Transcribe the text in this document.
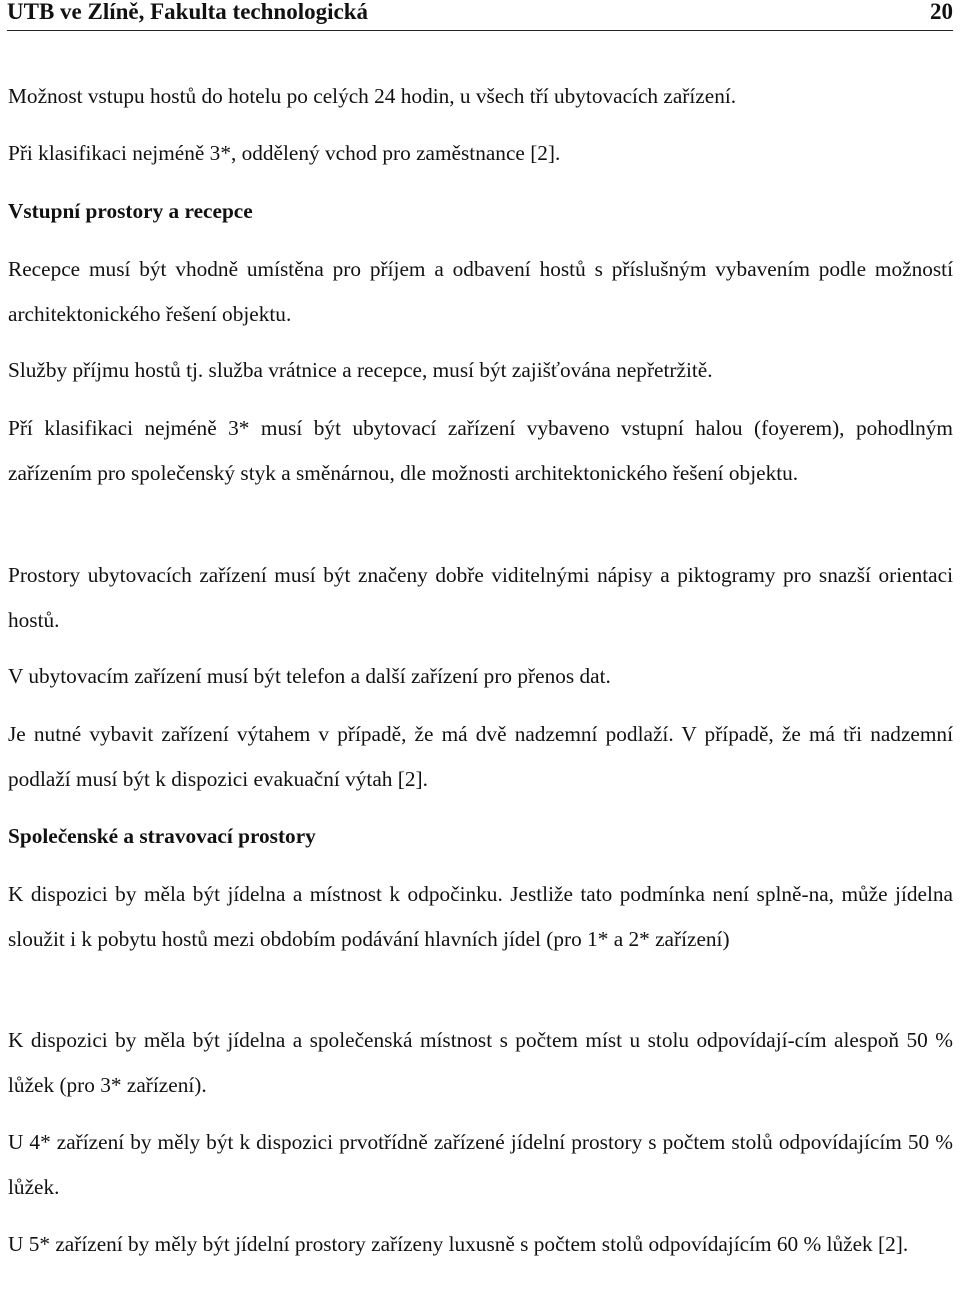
UTB ve Zlíně, Fakulta technologická	20

Možnost vstupu hostů do hotelu po celých 24 hodin, u všech tří ubytovacích zařízení.

Při klasifikaci nejméně 3*, oddělený vchod pro zaměstnance [2].

Vstupní prostory a recepce

Recepce musí být vhodně umístěna pro příjem a odbavení hostů s příslušným vybavením podle možností architektonického řešení objektu.

Služby příjmu hostů tj. služba vrátnice a recepce, musí být zajišťována nepřetržitě.

Pří klasifikaci nejméně 3* musí být ubytovací zařízení vybaveno vstupní halou (foyerem), pohodlným zařízením pro společenský styk a směnárnou, dle možnosti architektonického řešení objektu.

Prostory ubytovacích zařízení musí být značeny dobře viditelnými nápisy a piktogramy pro snazší orientaci hostů.

V ubytovacím zařízení musí být telefon a další zařízení pro přenos dat.

Je nutné vybavit zařízení výtahem v případě, že má dvě nadzemní podlaží. V případě, že má tři nadzemní podlaží musí být k dispozici evakuační výtah [2].

Společenské a stravovací prostory

K dispozici by měla být jídelna a místnost k odpočinku. Jestliže tato podmínka není splně-na, může jídelna sloužit i k pobytu hostů mezi obdobím podávání hlavních jídel (pro 1* a 2* zařízení)

K dispozici by měla být jídelna a společenská místnost s počtem míst u stolu odpovídají-cím alespoň 50 % lůžek (pro 3* zařízení).

U 4* zařízení by měly být k dispozici prvotřídně zařízené jídelní prostory s počtem stolů odpovídajícím 50 % lůžek.

U 5* zařízení by měly být jídelní prostory zařízeny luxusně s počtem stolů odpovídajícím 60 % lůžek [2].
